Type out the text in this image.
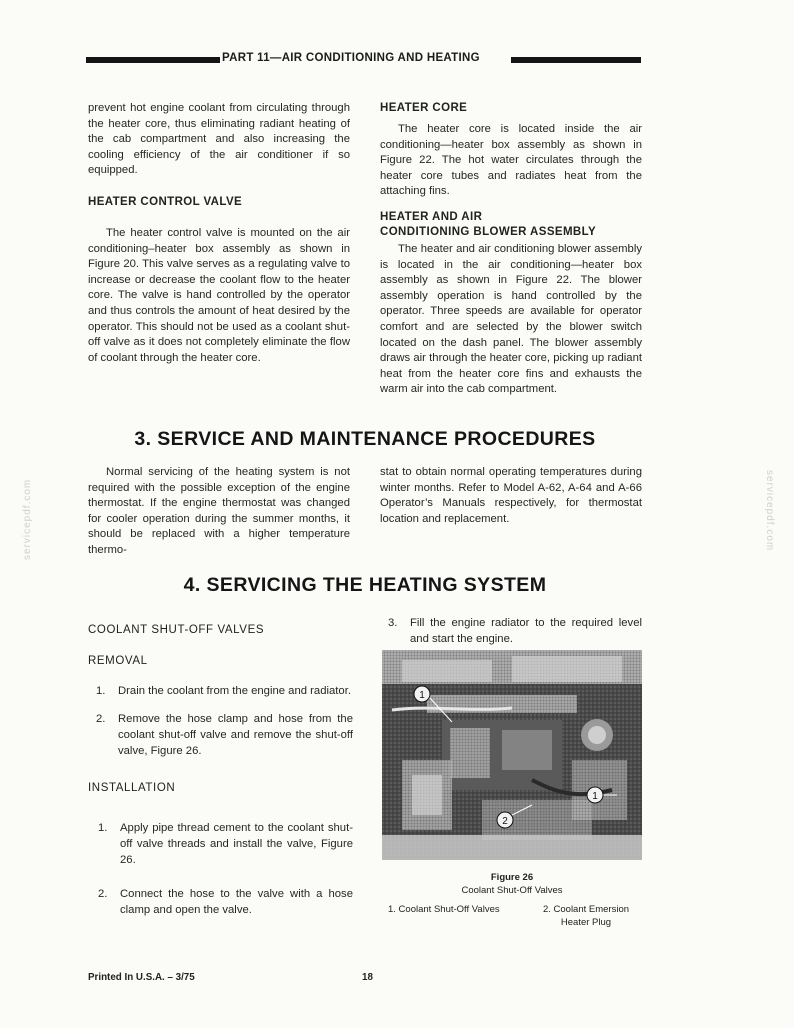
PART 11—AIR CONDITIONING AND HEATING
prevent hot engine coolant from circulating through the heater core, thus eliminating radiant heating of the cab compartment and also increasing the cooling efficiency of the air conditioner if so equipped.
HEATER CONTROL VALVE
The heater control valve is mounted on the air conditioning–heater box assembly as shown in Figure 20. This valve serves as a regulating valve to increase or decrease the coolant flow to the heater core. The valve is hand controlled by the operator and thus controls the amount of heat desired by the operator. This should not be used as a coolant shut-off valve as it does not completely eliminate the flow of coolant through the heater core.
HEATER CORE
The heater core is located inside the air conditioning—heater box assembly as shown in Figure 22. The hot water circulates through the heater core tubes and radiates heat from the attaching fins.
HEATER AND AIR
CONDITIONING BLOWER ASSEMBLY
The heater and air conditioning blower assembly is located in the air conditioning—heater box assembly as shown in Figure 22. The blower assembly operation is hand controlled by the operator. Three speeds are available for operator comfort and are selected by the blower switch located on the dash panel. The blower assembly draws air through the heater core, picking up radiant heat from the heater core fins and exhausts the warm air into the cab compartment.
3. SERVICE AND MAINTENANCE PROCEDURES
Normal servicing of the heating system is not required with the possible exception of the engine thermostat. If the engine thermostat was changed for cooler operation during the summer months, it should be replaced with a higher temperature thermo-
stat to obtain normal operating temperatures during winter months. Refer to Model A-62, A-64 and A-66 Operator’s Manuals respectively, for thermostat location and replacement.
4. SERVICING THE HEATING SYSTEM
COOLANT SHUT-OFF VALVES
REMOVAL
1. Drain the coolant from the engine and radiator.
2. Remove the hose clamp and hose from the coolant shut-off valve and remove the shut-off valve, Figure 26.
INSTALLATION
1. Apply pipe thread cement to the coolant shut-off valve threads and install the valve, Figure 26.
2. Connect the hose to the valve with a hose clamp and open the valve.
3. Fill the engine radiator to the required level and start the engine.
1
1
2
Figure 26
Coolant Shut-Off Valves
1. Coolant Shut-Off Valves	2. Coolant Emersion
Heater Plug
servicepdf.com	servicepdf.com
Printed In U.S.A. – 3/75	18
